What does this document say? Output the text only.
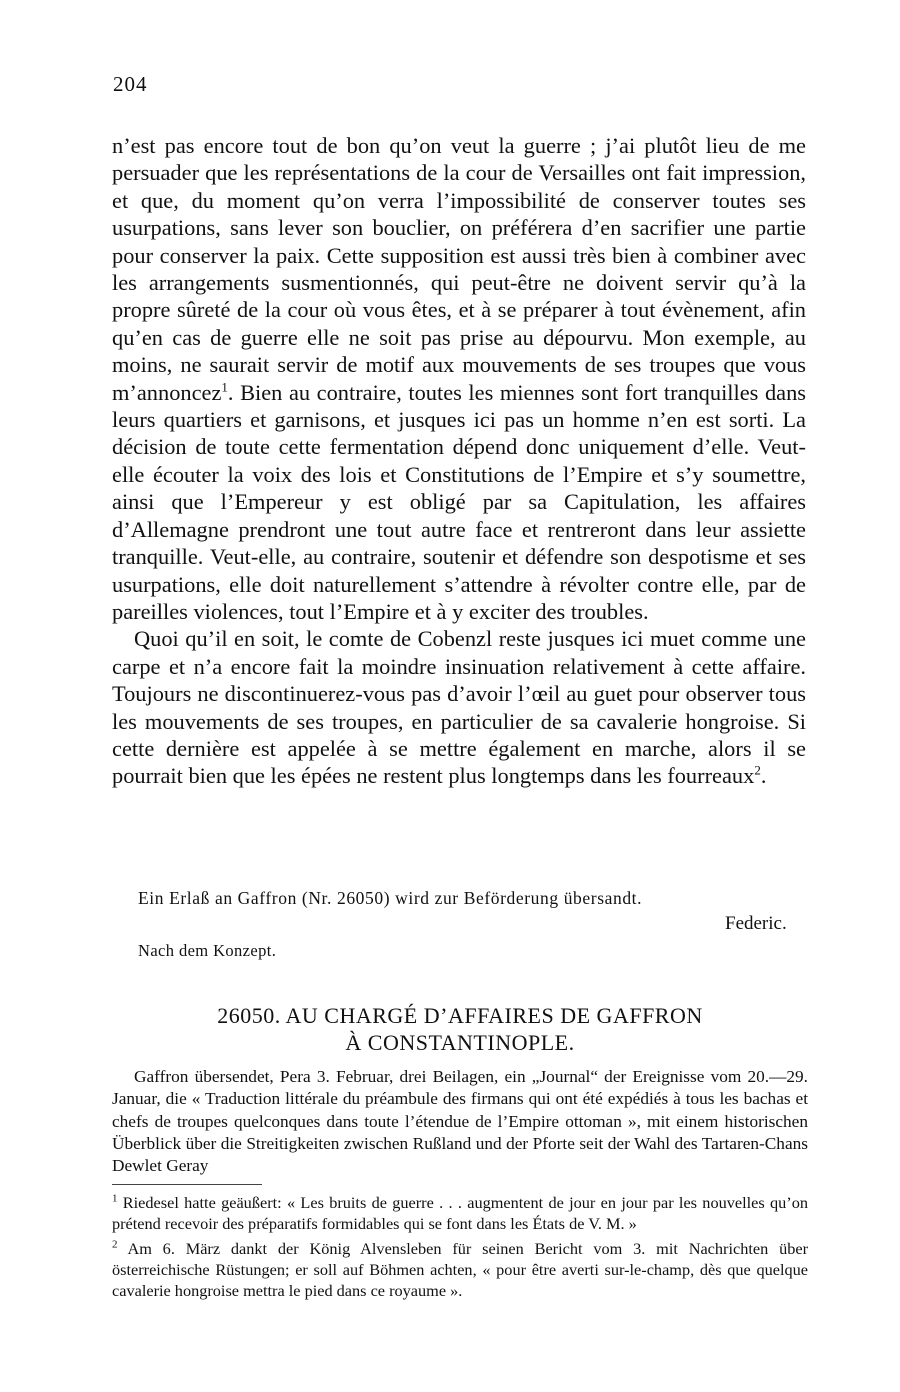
204

n’est pas encore tout de bon qu’on veut la guerre ; j’ai plutôt lieu de me persuader que les représentations de la cour de Versailles ont fait impression, et que, du moment qu’on verra l’impossibilité de conserver toutes ses usurpations, sans lever son bouclier, on préférera d’en sacrifier une partie pour conserver la paix. Cette supposition est aussi très bien à combiner avec les arrangements susmentionnés, qui peut-être ne doivent servir qu’à la propre sûreté de la cour où vous êtes, et à se préparer à tout évènement, afin qu’en cas de guerre elle ne soit pas prise au dépourvu. Mon exemple, au moins, ne saurait servir de motif aux mouvements de ses troupes que vous m’annoncez$^1$. Bien au contraire, toutes les miennes sont fort tranquilles dans leurs quartiers et garnisons, et jusques ici pas un homme n’en est sorti. La décision de toute cette fermentation dépend donc uniquement d’elle. Veut-elle écouter la voix des lois et Constitutions de l’Empire et s’y soumettre, ainsi que l’Empereur y est obligé par sa Capitulation, les affaires d’Allemagne prendront une tout autre face et rentreront dans leur assiette tranquille. Veut-elle, au contraire, soutenir et défendre son despotisme et ses usurpations, elle doit naturellement s’attendre à révolter contre elle, par de pareilles violences, tout l’Empire et à y exciter des troubles.

Quoi qu’il en soit, le comte de Cobenzl reste jusques ici muet comme une carpe et n’a encore fait la moindre insinuation relativement à cette affaire. Toujours ne discontinuerez-vous pas d’avoir l’œil au guet pour observer tous les mouvements de ses troupes, en particulier de sa cavalerie hongroise. Si cette dernière est appelée à se mettre également en marche, alors il se pourrait bien que les épées ne restent plus longtemps dans les fourreaux$^2$.

Ein Erlaß an Gaffron (Nr. 26050) wird zur Beförderung übersandt.
Federic.
Nach dem Konzept.
26050. AU CHARGÉ D’AFFAIRES DE GAFFRON
À CONSTANTINOPLE.

Gaffron übersendet, Pera 3. Februar, drei Beilagen, ein „Journal“ der Ereignisse vom 20.—29. Januar, die « Traduction littérale du préambule des firmans qui ont été expédiés à tous les bachas et chefs de troupes quelconques dans toute l’étendue de l’Empire ottoman », mit einem historischen Überblick über die Streitigkeiten zwischen Rußland und der Pforte seit der Wahl des Tartaren-Chans Dewlet Geray

$^1$ Riedesel hatte geäußert: « Les bruits de guerre . . . augmentent de jour en jour par les nouvelles qu’on prétend recevoir des préparatifs formidables qui se font dans les États de V. M. »

$^2$ Am 6. März dankt der König Alvensleben für seinen Bericht vom 3. mit Nachrichten über österreichische Rüstungen; er soll auf Böhmen achten, « pour être averti sur-le-champ, dès que quelque cavalerie hongroise mettra le pied dans ce royaume ».
